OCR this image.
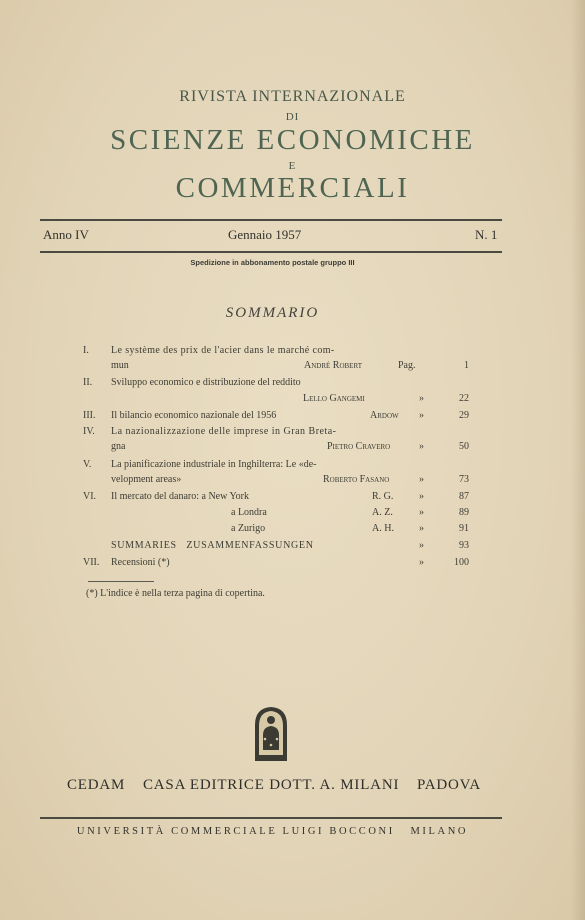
RIVISTA INTERNAZIONALE
DI
SCIENZE ECONOMICHE
E
COMMERCIALI
Anno IV	Gennaio 1957	N. 1
Spedizione in abbonamento postale gruppo III
SOMMARIO
I. Le système des prix de l'acier dans le marché com-
mun	André Robert	Pag.	1
II. Sviluppo economico e distribuzione del reddito
Lello Gangemi	»	22
III. Il bilancio economico nazionale del 1956	Ardow »	29
IV. La nazionalizzazione delle imprese in Gran Breta-
gna	Pietro Cravero	»	50
V. La pianificazione industriale in Inghilterra: Le «de-
velopment areas»	Roberto Fasano	»	73
VI. Il mercato del danaro: a New York	R. G.	»	87
a Londra	A. Z.	»	89
a Zurigo	A. H.	»	91
SUMMARIES   ZUSAMMENFASSUNGEN	»	93
VII. Recensioni (*)	»	100
(*) L'indice è nella terza pagina di copertina.
CEDAM CASA EDITRICE DOTT. A. MILANI PADOVA
UNIVERSITÀ COMMERCIALE LUIGI BOCCONI   MILANO
